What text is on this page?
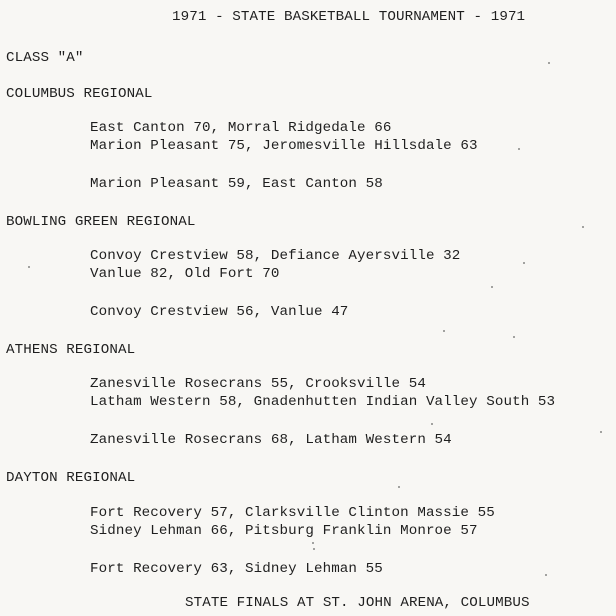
1971 - STATE BASKETBALL TOURNAMENT - 1971
CLASS "A"
COLUMBUS REGIONAL
East Canton 70, Morral Ridgedale 66
Marion Pleasant 75, Jeromesville Hillsdale 63
Marion Pleasant 59, East Canton 58
BOWLING GREEN REGIONAL
Convoy Crestview 58, Defiance Ayersville 32
Vanlue 82, Old Fort 70
Convoy Crestview 56, Vanlue 47
ATHENS REGIONAL
Zanesville Rosecrans 55, Crooksville 54
Latham Western 58, Gnadenhutten Indian Valley South 53
Zanesville Rosecrans 68, Latham Western 54
DAYTON REGIONAL
Fort Recovery 57, Clarksville Clinton Massie 55
Sidney Lehman 66, Pitsburg Franklin Monroe 57
Fort Recovery 63, Sidney Lehman 55
STATE FINALS AT ST. JOHN ARENA, COLUMBUS
